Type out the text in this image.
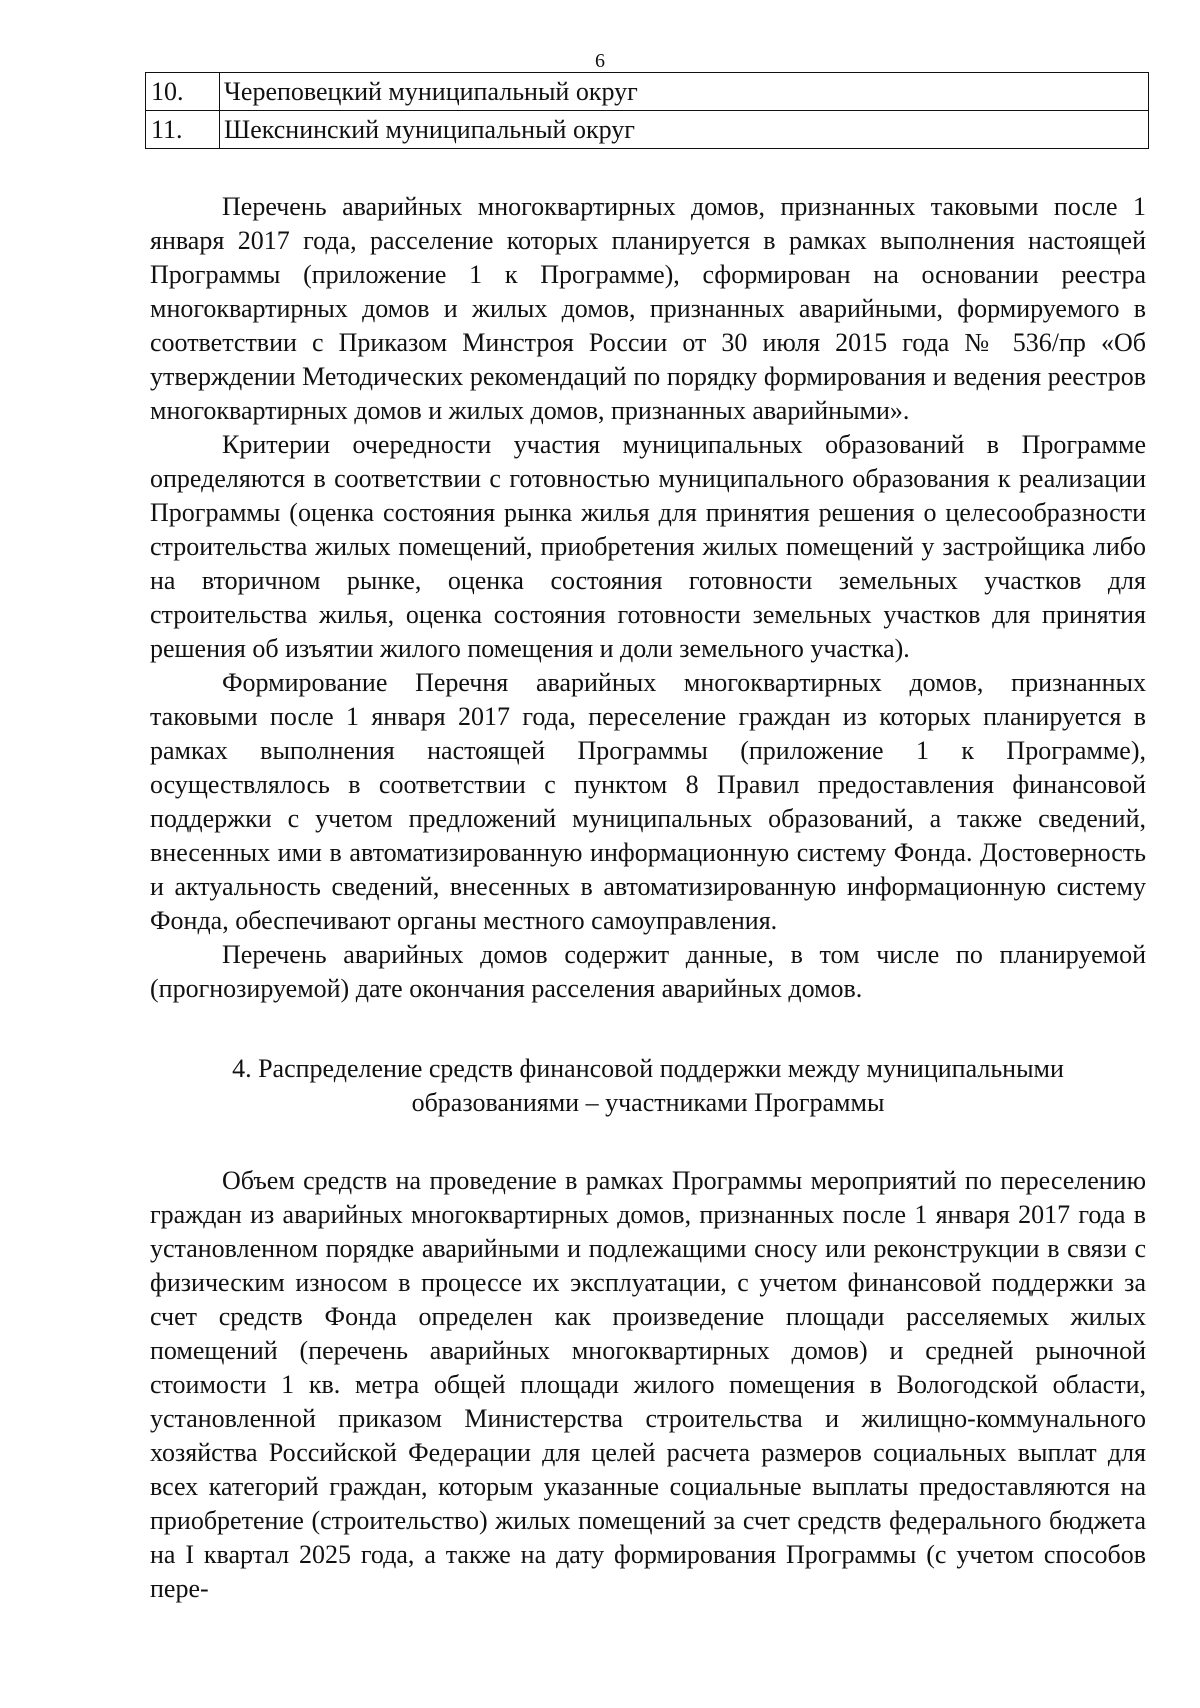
6
10.	Череповецкий муниципальный округ
11.	Шекснинский муниципальный округ

Перечень аварийных многоквартирных домов, признанных таковыми после 1 января 2017 года, расселение которых планируется в рамках выполнения настоящей Программы (приложение 1 к Программе), сформирован на основании реестра многоквартирных домов и жилых домов, признанных аварийными, формируемого в соответствии с Приказом Минстроя России от 30 июля 2015 года № 536/пр «Об утверждении Методических рекомендаций по порядку формирования и ведения реестров многоквартирных домов и жилых домов, признанных аварийными».

Критерии очередности участия муниципальных образований в Программе определяются в соответствии с готовностью муниципального образования к реализации Программы (оценка состояния рынка жилья для принятия решения о целесообразности строительства жилых помещений, приобретения жилых помещений у застройщика либо на вторичном рынке, оценка состояния готовности земельных участков для строительства жилья, оценка состояния готовности земельных участков для принятия решения об изъятии жилого помещения и доли земельного участка).

Формирование Перечня аварийных многоквартирных домов, признанных таковыми после 1 января 2017 года, переселение граждан из которых планируется в рамках выполнения настоящей Программы (приложение 1 к Программе), осуществлялось в соответствии с пунктом 8 Правил предоставления финансовой поддержки с учетом предложений муниципальных образований, а также сведений, внесенных ими в автоматизированную информационную систему Фонда. Достоверность и актуальность сведений, внесенных в автоматизированную информационную систему Фонда, обеспечивают органы местного самоуправления.

Перечень аварийных домов содержит данные, в том числе по планируемой (прогнозируемой) дате окончания расселения аварийных домов.

4. Распределение средств финансовой поддержки между муниципальными
образованиями – участниками Программы

Объем средств на проведение в рамках Программы мероприятий по переселению граждан из аварийных многоквартирных домов, признанных после 1 января 2017 года в установленном порядке аварийными и подлежащими сносу или реконструкции в связи с физическим износом в процессе их эксплуатации, с учетом финансовой поддержки за счет средств Фонда определен как произведение площади расселяемых жилых помещений (перечень аварийных многоквартирных домов) и средней рыночной стоимости 1 кв. метра общей площади жилого помещения в Вологодской области, установленной приказом Министерства строительства и жилищно-коммунального хозяйства Российской Федерации для целей расчета размеров социальных выплат для всех категорий граждан, которым указанные социальные выплаты предоставляются на приобретение (строительство) жилых помещений за счет средств федерального бюджета на I квартал 2025 года, а также на дату формирования Программы (с учетом способов пере-
